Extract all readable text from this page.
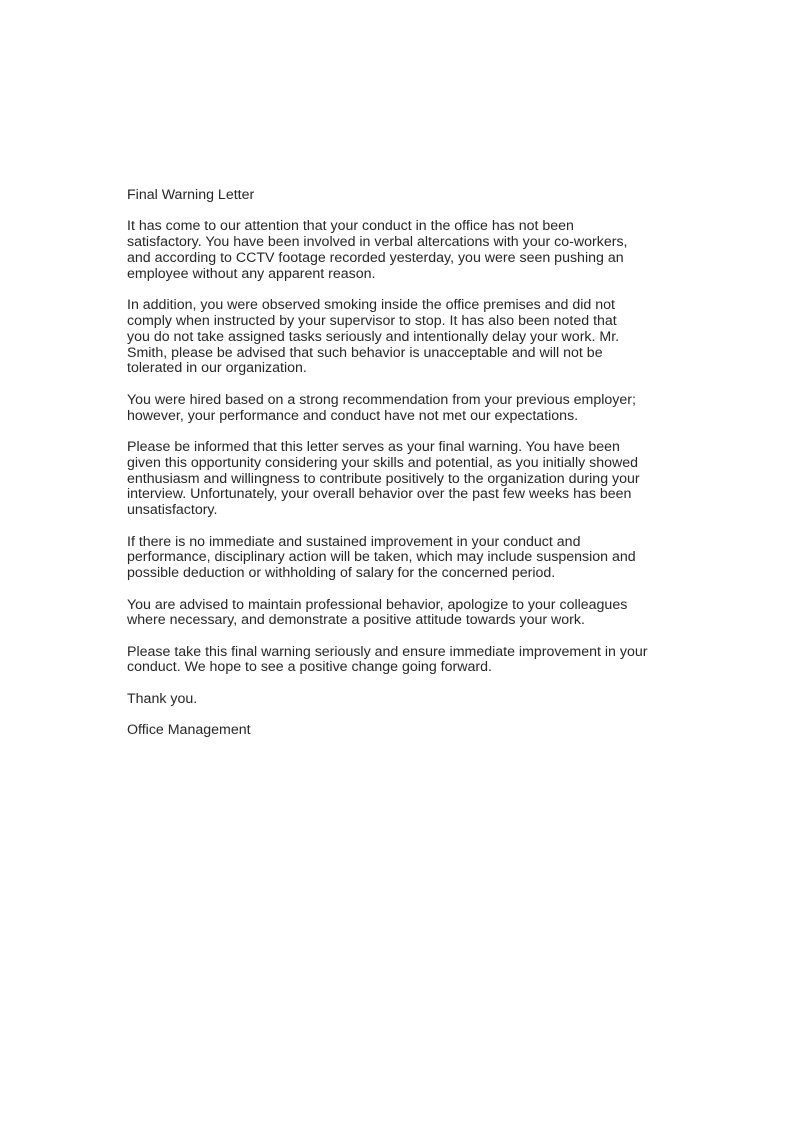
Final Warning Letter

It has come to our attention that your conduct in the office has not been
satisfactory. You have been involved in verbal altercations with your co-workers,
and according to CCTV footage recorded yesterday, you were seen pushing an
employee without any apparent reason.

In addition, you were observed smoking inside the office premises and did not
comply when instructed by your supervisor to stop. It has also been noted that
you do not take assigned tasks seriously and intentionally delay your work. Mr.
Smith, please be advised that such behavior is unacceptable and will not be
tolerated in our organization.

You were hired based on a strong recommendation from your previous employer;
however, your performance and conduct have not met our expectations.

Please be informed that this letter serves as your final warning. You have been
given this opportunity considering your skills and potential, as you initially showed
enthusiasm and willingness to contribute positively to the organization during your
interview. Unfortunately, your overall behavior over the past few weeks has been
unsatisfactory.

If there is no immediate and sustained improvement in your conduct and
performance, disciplinary action will be taken, which may include suspension and
possible deduction or withholding of salary for the concerned period.

You are advised to maintain professional behavior, apologize to your colleagues
where necessary, and demonstrate a positive attitude towards your work.

Please take this final warning seriously and ensure immediate improvement in your
conduct. We hope to see a positive change going forward.

Thank you.

Office Management
